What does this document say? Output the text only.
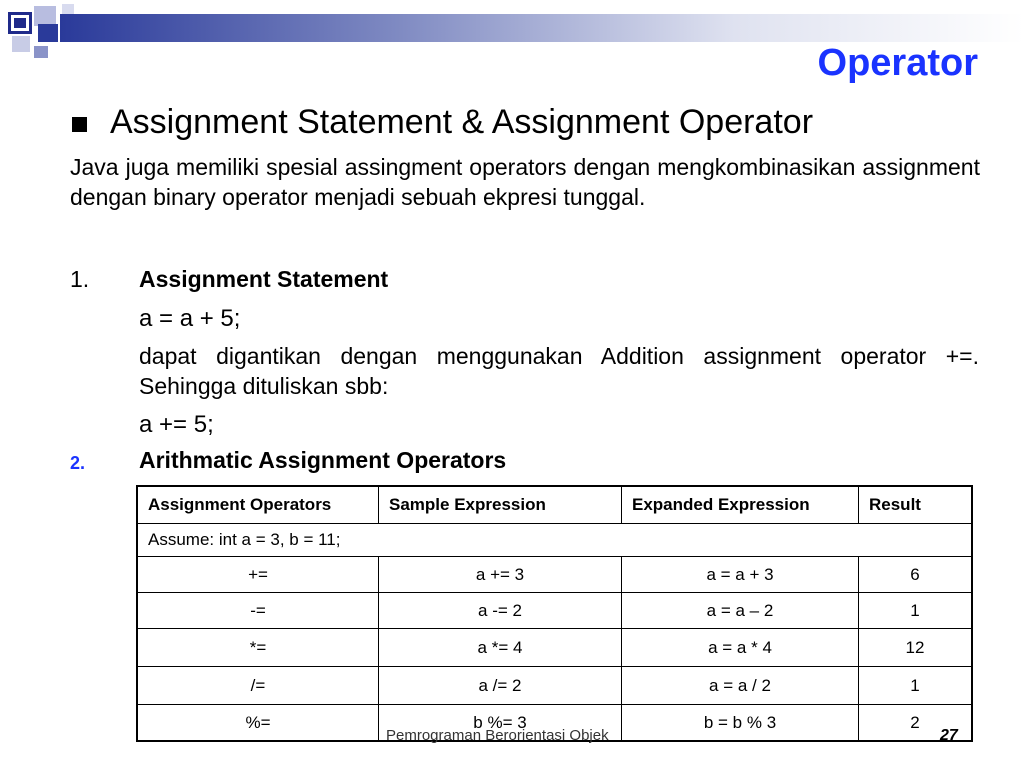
Operator
Assignment Statement & Assignment Operator
Java juga memiliki spesial assingment operators dengan mengkombinasikan assignment dengan binary operator menjadi sebuah ekpresi tunggal.
1. Assignment Statement
a = a + 5;
dapat digantikan dengan menggunakan Addition assignment operator +=. Sehingga dituliskan sbb:
a += 5;
2. Arithmatic Assignment Operators
Assignment Operators	Sample Expression	Expanded Expression	Result
Assume: int a = 3, b = 11;			
+=	a += 3	a = a + 3	6
-=	a -= 2	a = a – 2	1
*=	a *= 4	a = a * 4	12
/=	a /= 2	a = a / 2	1
%=	b %= 3	b = b % 3	2
Pemrograman Berorientasi Objek	27
